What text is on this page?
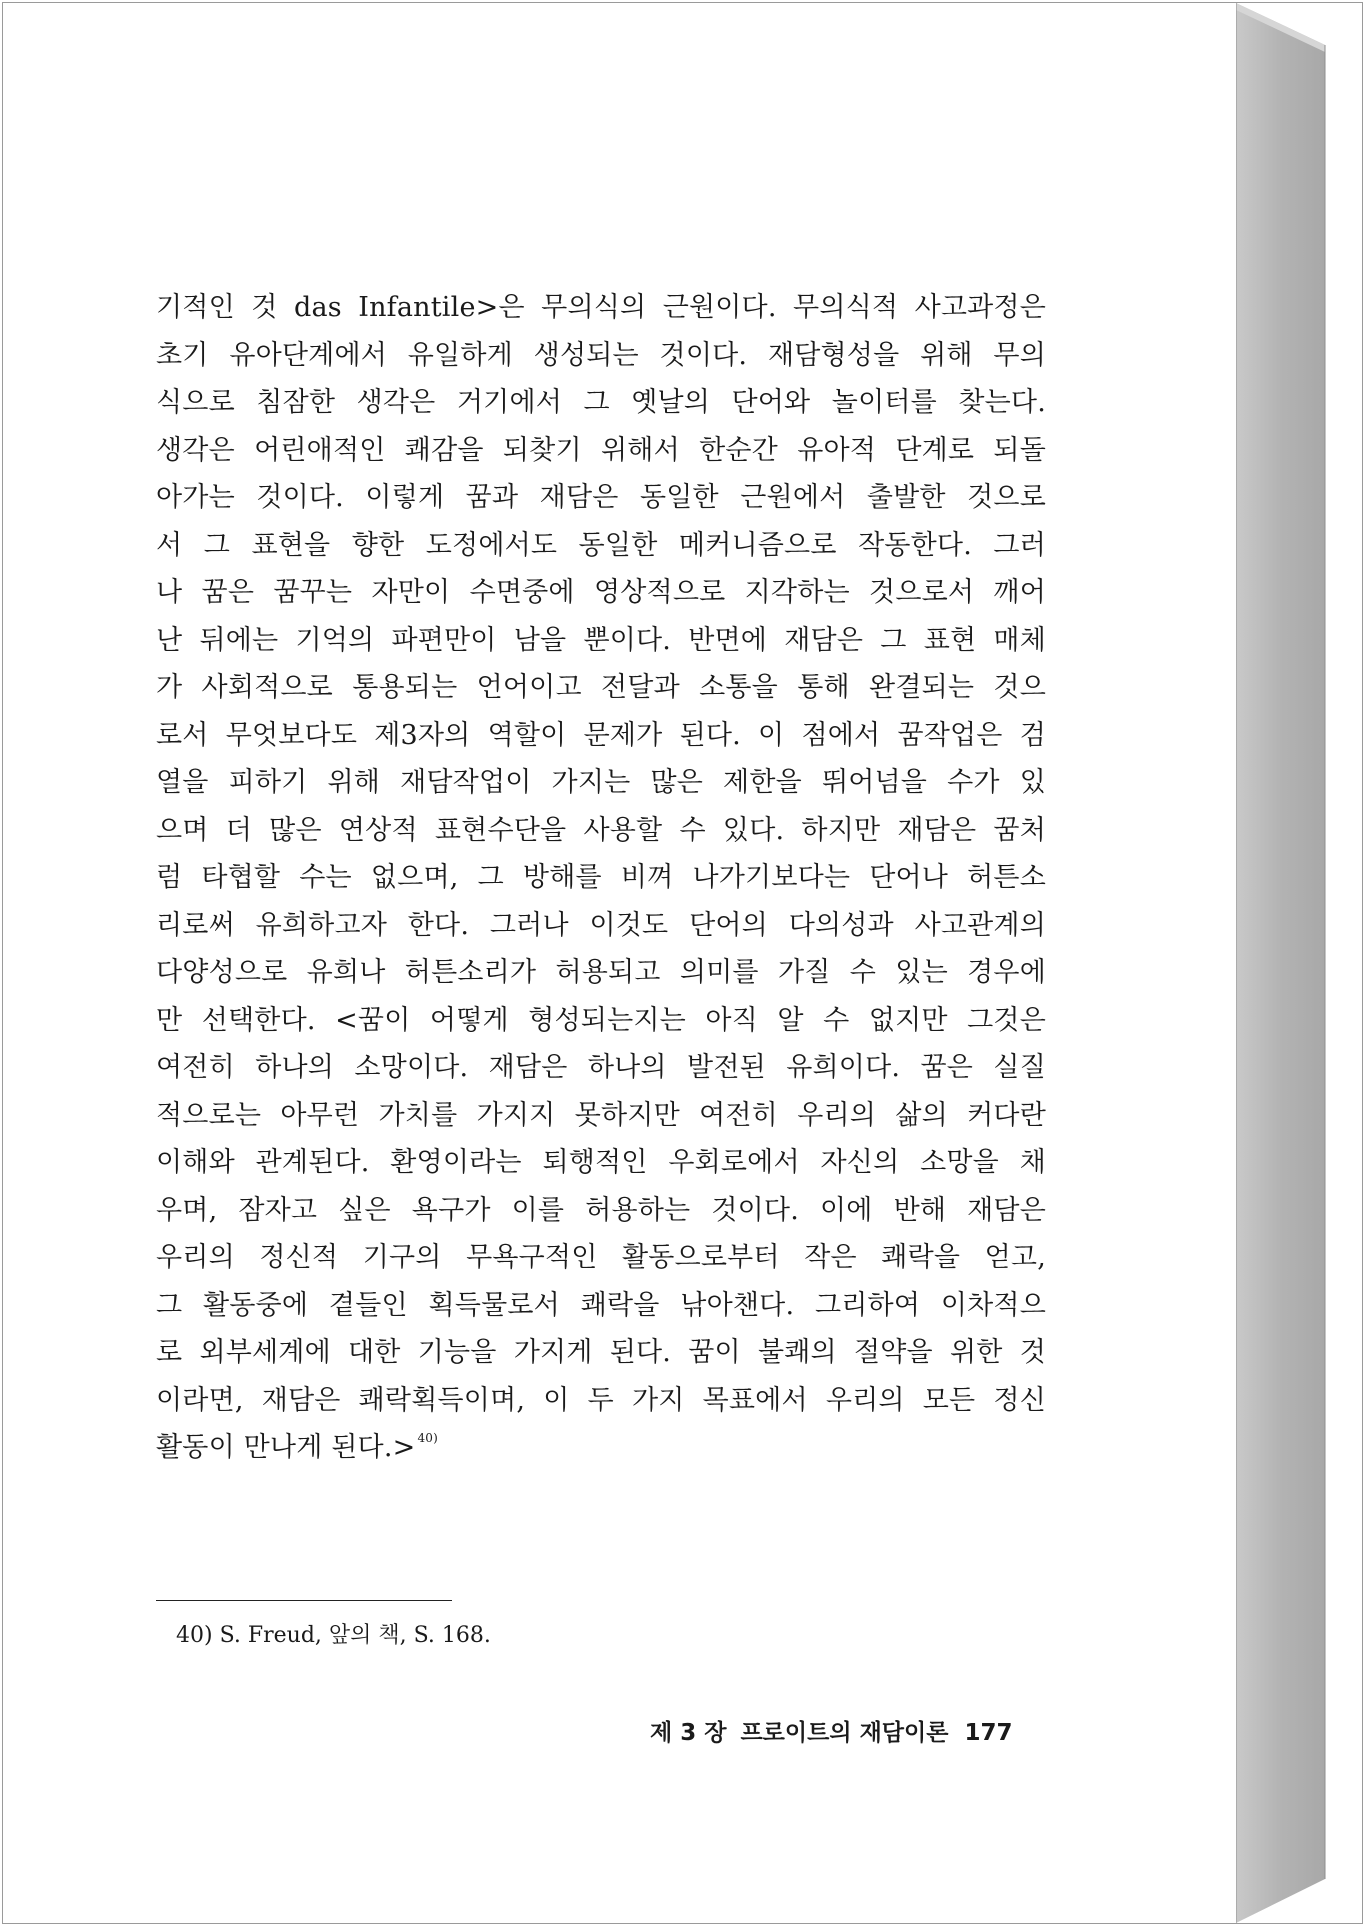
기적인 것 das Infantile>은 무의식의 근원이다. 무의식적 사고과정은
초기 유아단계에서 유일하게 생성되는 것이다. 재담형성을 위해 무의
식으로 침잠한 생각은 거기에서 그 옛날의 단어와 놀이터를 찾는다.
생각은 어린애적인 쾌감을 되찾기 위해서 한순간 유아적 단계로 되돌
아가는 것이다. 이렇게 꿈과 재담은 동일한 근원에서 출발한 것으로
서 그 표현을 향한 도정에서도 동일한 메커니즘으로 작동한다. 그러
나 꿈은 꿈꾸는 자만이 수면중에 영상적으로 지각하는 것으로서 깨어
난 뒤에는 기억의 파편만이 남을 뿐이다. 반면에 재담은 그 표현 매체
가 사회적으로 통용되는 언어이고 전달과 소통을 통해 완결되는 것으
로서 무엇보다도 제3자의 역할이 문제가 된다. 이 점에서 꿈작업은 검
열을 피하기 위해 재담작업이 가지는 많은 제한을 뛰어넘을 수가 있
으며 더 많은 연상적 표현수단을 사용할 수 있다. 하지만 재담은 꿈처
럼 타협할 수는 없으며, 그 방해를 비껴 나가기보다는 단어나 허튼소
리로써 유희하고자 한다. 그러나 이것도 단어의 다의성과 사고관계의
다양성으로 유희나 허튼소리가 허용되고 의미를 가질 수 있는 경우에
만 선택한다. <꿈이 어떻게 형성되는지는 아직 알 수 없지만 그것은
여전히 하나의 소망이다. 재담은 하나의 발전된 유희이다. 꿈은 실질
적으로는 아무런 가치를 가지지 못하지만 여전히 우리의 삶의 커다란
이해와 관계된다. 환영이라는 퇴행적인 우회로에서 자신의 소망을 채
우며, 잠자고 싶은 욕구가 이를 허용하는 것이다. 이에 반해 재담은
우리의 정신적 기구의 무욕구적인 활동으로부터 작은 쾌락을 얻고,
그 활동중에 곁들인 획득물로서 쾌락을 낚아챈다. 그리하여 이차적으
로 외부세계에 대한 기능을 가지게 된다. 꿈이 불쾌의 절약을 위한 것
이라면, 재담은 쾌락획득이며, 이 두 가지 목표에서 우리의 모든 정신
활동이 만나게 된다.> $^{40)}$
40) S. Freud, 앞의 책, S. 168.
제 3 장 프로이트의 재담이론 177
